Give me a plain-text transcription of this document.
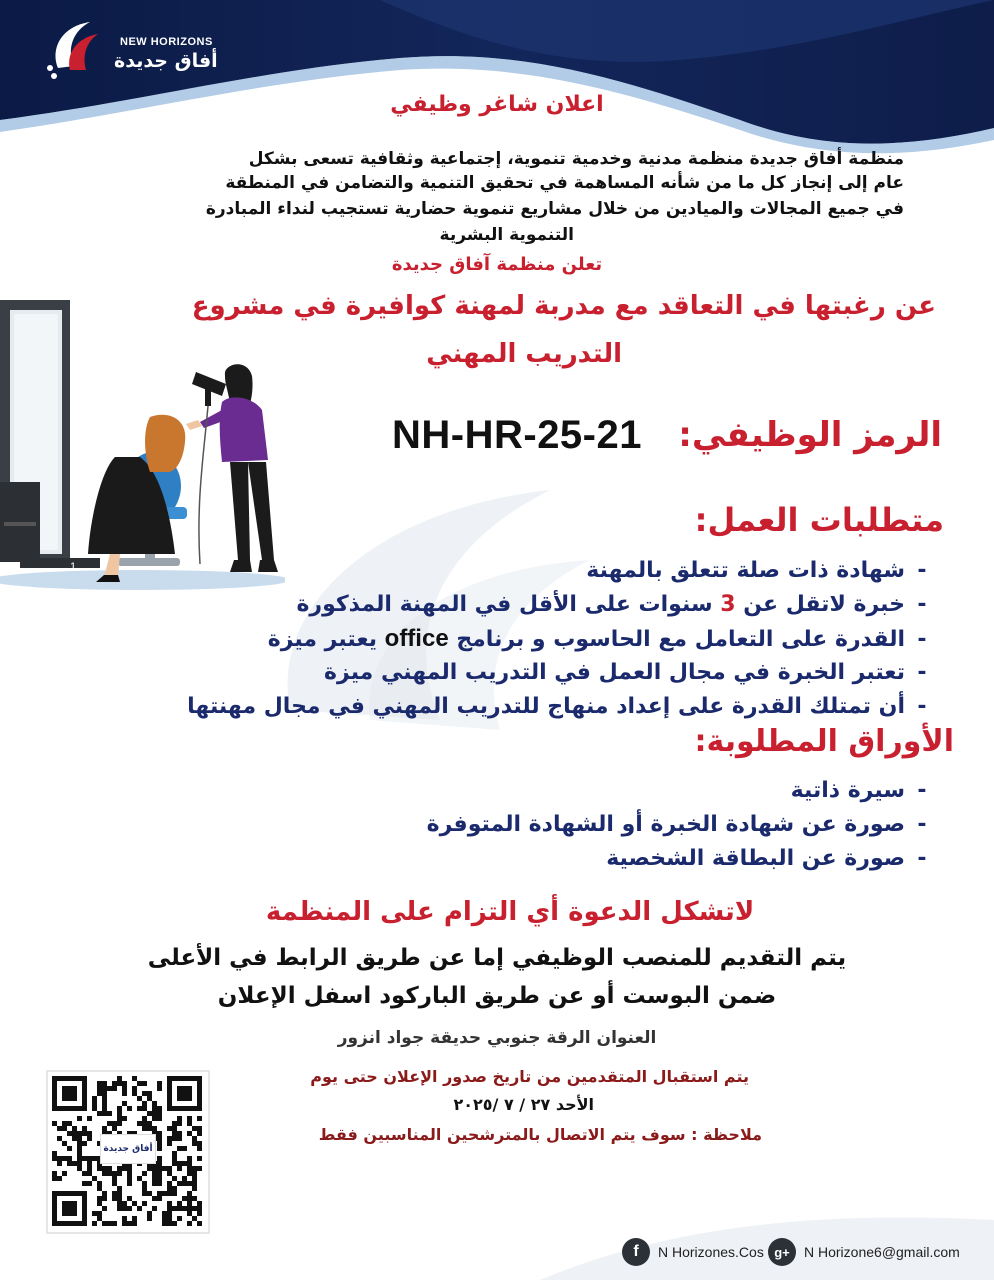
NEW HORIZONS
أفاق جديدة
اعلان شاغر وظيفي
منظمة أفاق جديدة منظمة مدنية وخدمية تنموية، إجتماعية وثقافية تسعى بشكل
عام إلى إنجاز كل ما من شأنه المساهمة في تحقيق التنمية والتضامن في المنطقة
في جميع المجالات والميادين من خلال مشاريع تنموية حضارية تستجيب لنداء المبادرة
التنموية البشرية
تعلن منظمة آفاق جديدة
عن رغبتها في التعاقد مع مدربة لمهنة كوافيرة في مشروع
التدريب المهني
1
الرمز الوظيفي:
NH-HR-25-21
متطلبات العمل:
-شهادة ذات صلة تتعلق بالمهنة
-خبرة لاتقل عن 3 سنوات على الأقل في المهنة المذكورة
-القدرة على التعامل مع الحاسوب و برنامج office يعتبر ميزة
-تعتبر الخبرة في مجال العمل في التدريب المهني ميزة
-أن تمتلك القدرة على إعداد منهاج للتدريب المهني في مجال مهنتها
الأوراق المطلوبة:
-سيرة ذاتية
-صورة عن شهادة الخبرة أو الشهادة المتوفرة
-صورة عن البطاقة الشخصية
لاتشكل الدعوة أي التزام على المنظمة
يتم التقديم للمنصب الوظيفي إما عن طريق الرابط في الأعلى
ضمن البوست أو عن طريق الباركود اسفل الإعلان
العنوان الرقة جنوبي حديقة جواد انزور
يتم استقبال المتقدمين من تاريخ صدور الإعلان حتى يوم
الأحد ٢٧ / ٧ /٢٠٢٥
ملاحظة : سوف يتم الاتصال بالمترشحين المناسبين فقط
أفاق جديدة
f	N Horizones.Cos g+	N Horizone6@gmail.com
